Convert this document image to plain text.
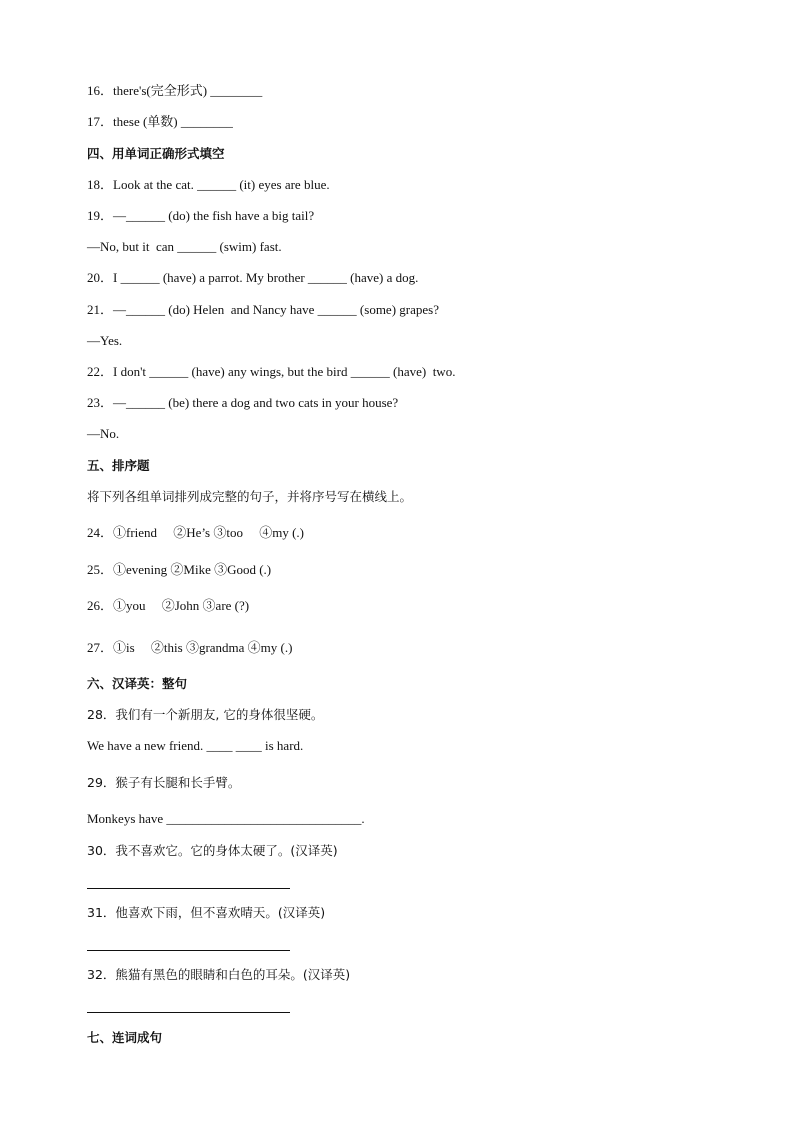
16．there's(完全形式) ________
17．these (单数) ________
四、用单词正确形式填空
18．Look at the cat. ______ (it) eyes are blue.
19．—______ (do) the fish have a big tail?
—No, but it  can ______ (swim) fast.
20．I ______ (have) a parrot. My brother ______ (have) a dog.
21．—______ (do) Helen  and Nancy have ______ (some) grapes?
—Yes.
22．I don't ______ (have) any wings, but the bird ______ (have)  two.
23．—______ (be) there a dog and two cats in your house?
—No.
五、排序题
将下列各组单词排列成完整的句子，并将序号写在横线上。
24．①friend     ②He’s ③too     ④my (.)
25．①evening ②Mike ③Good (.)
26．①you     ②John ③are (?)
27．①is     ②this ③grandma ④my (.)
六、汉译英：整句
28．我们有一个新朋友, 它的身体很坚硬。
We have a new friend. ____ ____ is hard.
29．猴子有长腿和长手臂。
Monkeys have ______________________________.
30．我不喜欢它。它的身体太硬了。(汉译英)
31．他喜欢下雨，但不喜欢晴天。(汉译英)
32．熊猫有黑色的眼睛和白色的耳朵。(汉译英)
七、连词成句
